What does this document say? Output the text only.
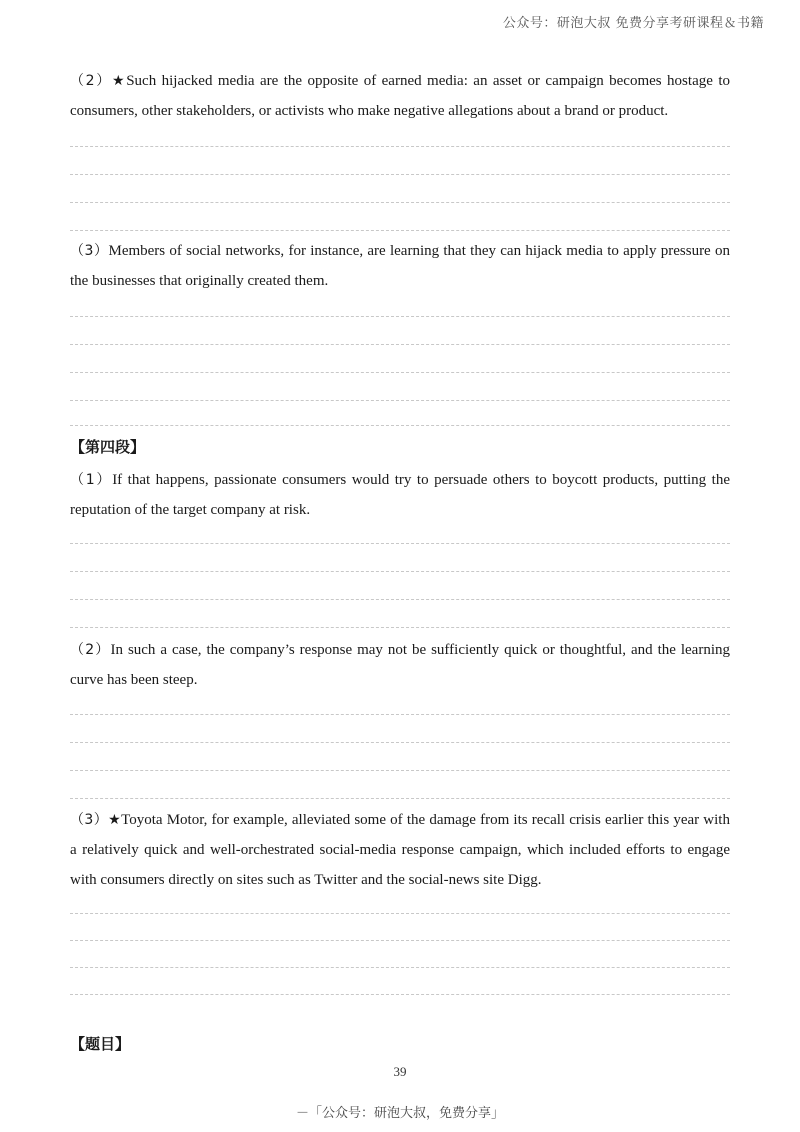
公众号：研泡大叔 免费分享考研课程＆书籍
（2）★Such hijacked media are the opposite of earned media: an asset or campaign becomes hostage to consumers, other stakeholders, or activists who make negative allegations about a brand or product.
（3）Members of social networks, for instance, are learning that they can hijack media to apply pressure on the businesses that originally created them.
【第四段】
（1）If that happens, passionate consumers would try to persuade others to boycott products, putting the reputation of the target company at risk.
（2）In such a case, the company’s response may not be sufficiently quick or thoughtful, and the learning curve has been steep.
（3）★Toyota Motor, for example, alleviated some of the damage from its recall crisis earlier this year with a relatively quick and well-orchestrated social-media response campaign, which included efforts to engage with consumers directly on sites such as Twitter and the social-news site Digg.
【题目】
39
－「公众号：研泡大叔，免费分享」
